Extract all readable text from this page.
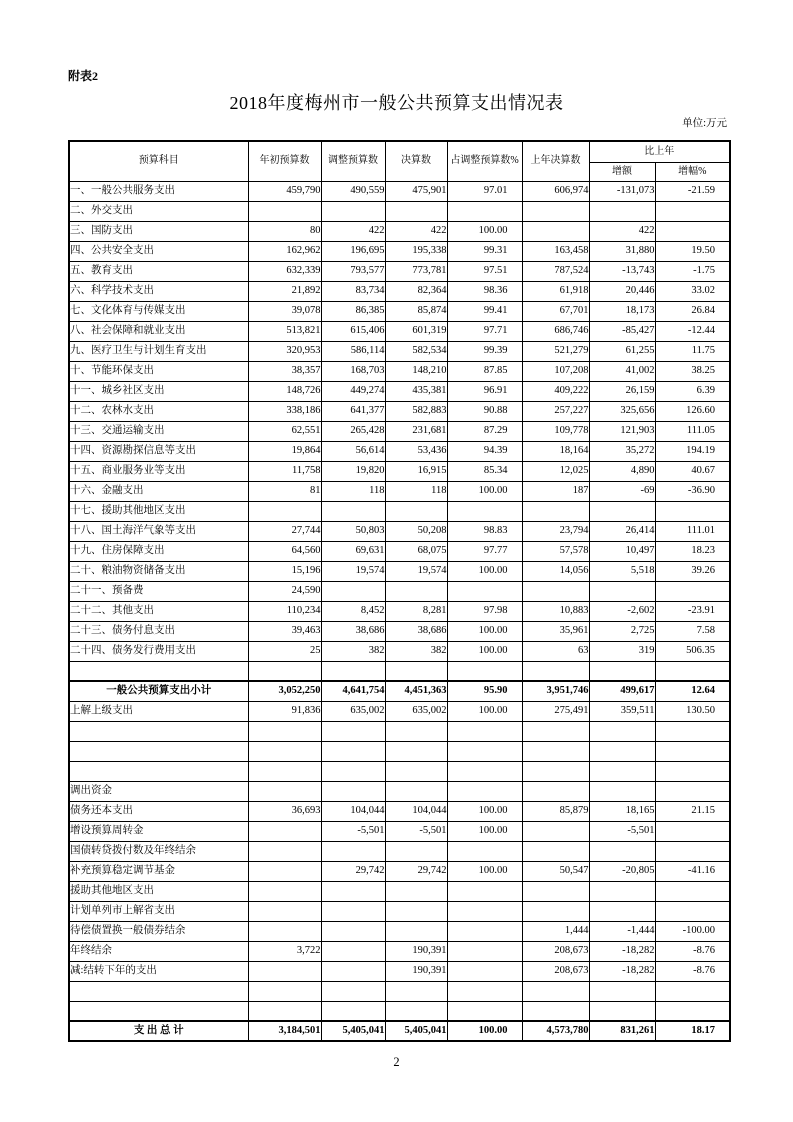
附表2
2018年度梅州市一般公共预算支出情况表
单位:万元
预算科目	年初预算数	调整预算数	决算数	占调整预算数%	上年决算数	比上年	
						增额	增幅%
一、一般公共服务支出	459,790	490,559	475,901	97.01	606,974	-131,073	-21.59
二、外交支出							
三、国防支出	80	422	422	100.00		422	
四、公共安全支出	162,962	196,695	195,338	99.31	163,458	31,880	19.50
五、教育支出	632,339	793,577	773,781	97.51	787,524	-13,743	-1.75
六、科学技术支出	21,892	83,734	82,364	98.36	61,918	20,446	33.02
七、文化体育与传媒支出	39,078	86,385	85,874	99.41	67,701	18,173	26.84
八、社会保障和就业支出	513,821	615,406	601,319	97.71	686,746	-85,427	-12.44
九、医疗卫生与计划生育支出	320,953	586,114	582,534	99.39	521,279	61,255	11.75
十、节能环保支出	38,357	168,703	148,210	87.85	107,208	41,002	38.25
十一、城乡社区支出	148,726	449,274	435,381	96.91	409,222	26,159	6.39
十二、农林水支出	338,186	641,377	582,883	90.88	257,227	325,656	126.60
十三、交通运输支出	62,551	265,428	231,681	87.29	109,778	121,903	111.05
十四、资源勘探信息等支出	19,864	56,614	53,436	94.39	18,164	35,272	194.19
十五、商业服务业等支出	11,758	19,820	16,915	85.34	12,025	4,890	40.67
十六、金融支出	81	118	118	100.00	187	-69	-36.90
十七、援助其他地区支出							
十八、国土海洋气象等支出	27,744	50,803	50,208	98.83	23,794	26,414	111.01
十九、住房保障支出	64,560	69,631	68,075	97.77	57,578	10,497	18.23
二十、粮油物资储备支出	15,196	19,574	19,574	100.00	14,056	5,518	39.26
二十一、预备费	24,590						
二十二、其他支出	110,234	8,452	8,281	97.98	10,883	-2,602	-23.91
二十三、债务付息支出	39,463	38,686	38,686	100.00	35,961	2,725	7.58
二十四、债务发行费用支出	25	382	382	100.00	63	319	506.35

一般公共预算支出小计	3,052,250	4,641,754	4,451,363	95.90	3,951,746	499,617	12.64
上解上级支出	91,836	635,002	635,002	100.00	275,491	359,511	130.50

调出资金							
债务还本支出	36,693	104,044	104,044	100.00	85,879	18,165	21.15
增设预算周转金		-5,501	-5,501	100.00		-5,501	
国债转贷拨付数及年终结余							
补充预算稳定调节基金		29,742	29,742	100.00	50,547	-20,805	-41.16
援助其他地区支出							
计划单列市上解省支出							
待偿债置换一般债券结余					1,444	-1,444	-100.00
年终结余	3,722		190,391		208,673	-18,282	-8.76
减:结转下年的支出			190,391		208,673	-18,282	-8.76

支 出 总 计	3,184,501	5,405,041	5,405,041	100.00	4,573,780	831,261	18.17
2
